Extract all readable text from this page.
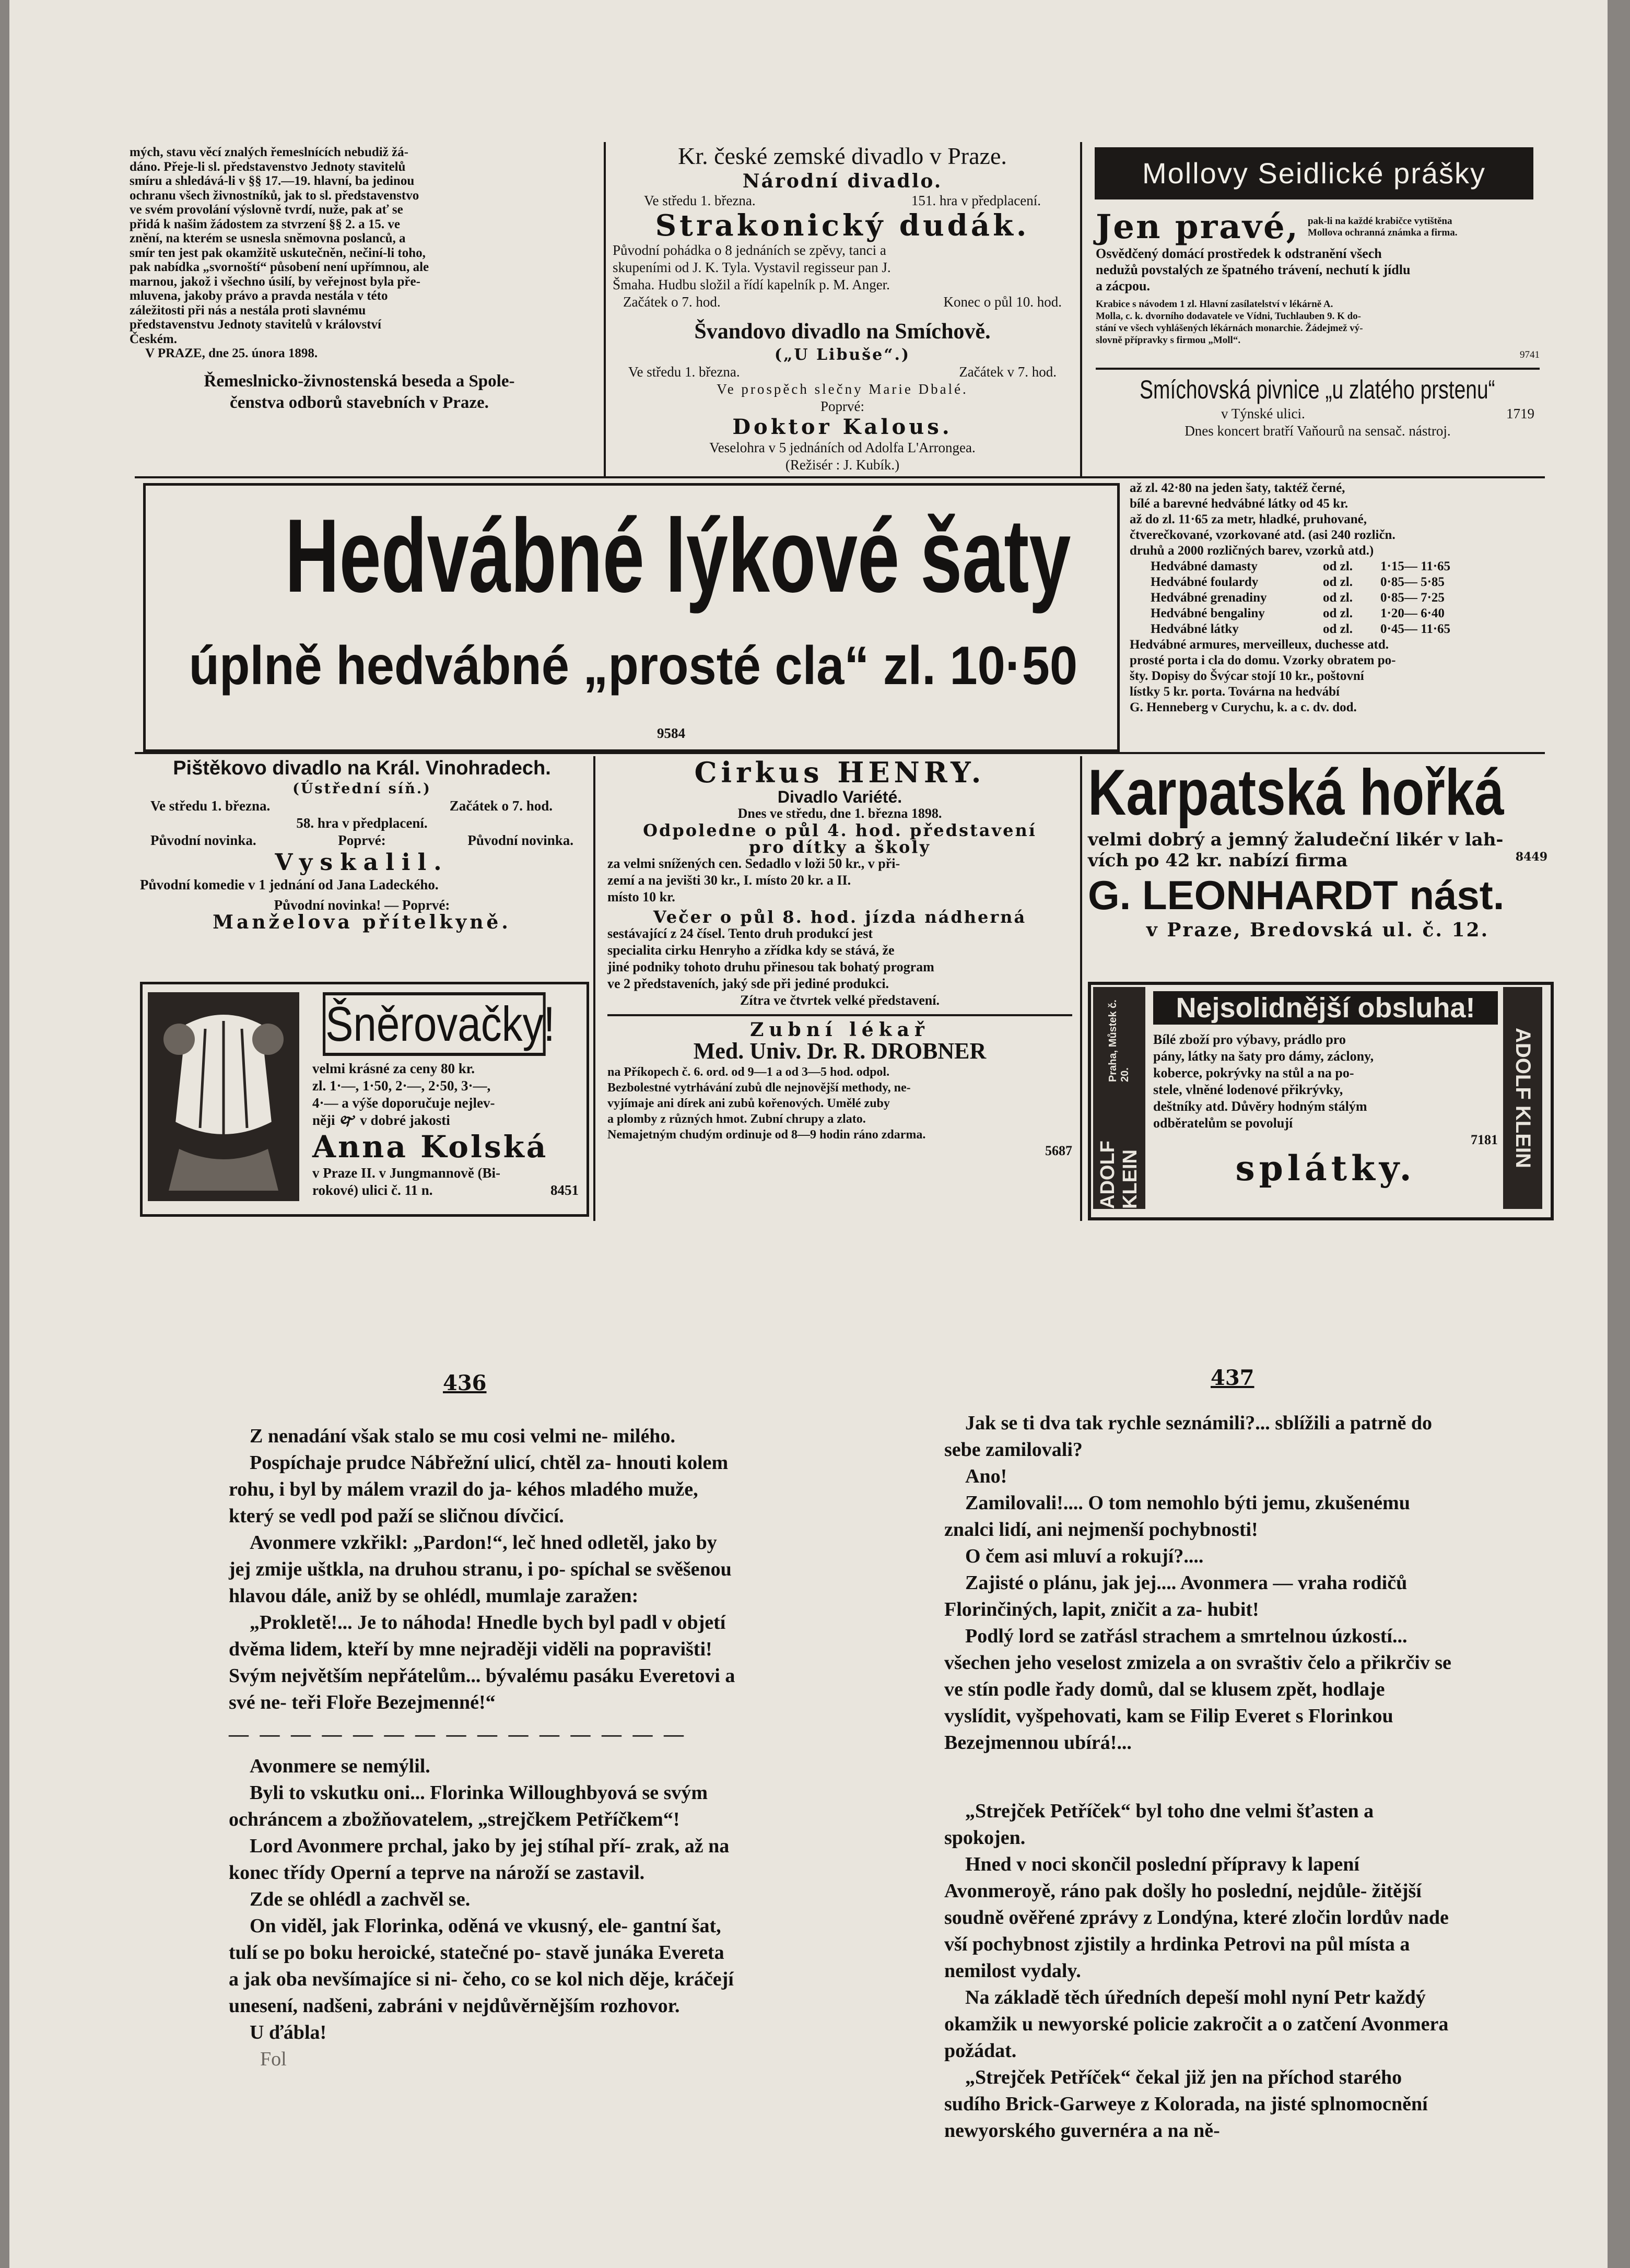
mých, stavu věcí znalých řemeslnících nebudiž žá-
dáno. Přeje-li sl. představenstvo Jednoty stavitelů
smíru a shledává-li v §§ 17.—19. hlavní, ba jedinou
ochranu všech živnostníků, jak to sl. představenstvo
ve svém provolání výslovně tvrdí, nuže, pak ať se
přidá k našim žádostem za stvrzení §§ 2. a 15. ve
znění, na kterém se usnesla sněmovna poslanců, a
smír ten jest pak okamžitě uskutečněn, nečiní-li toho,
pak nabídka „svornoští“ působení není upřímnou, ale
marnou, jakož i všechno úsilí, by veřejnost byla pře-
mluvena, jakoby právo a pravda nestála v této
záležitosti při nás a nestála proti slavnému
představenstvu Jednoty stavitelů v království
Českém.
V PRAZE, dne 25. února 1898.
Řemeslnicko-živnostenská beseda a Spole-
čenstva odborů stavebních v Praze.
Kr. české zemské divadlo v Praze.
Národní divadlo.
Ve středu 1. března.	151. hra v předplacení.
Strakonický dudák.
Původní pohádka o 8 jednáních se zpěvy, tanci a
skupeními od J. K. Tyla. Vystavil regisseur pan J.
Šmaha. Hudbu složil a řídí kapelník p. M. Anger.
Začátek o 7. hod.	Konec o půl 10. hod.
Švandovo divadlo na Smíchově.
(„U Libuše“.)
Ve středu 1. března.	Začátek v 7. hod.
Ve prospěch slečny Marie Dbalé.
Poprvé:
Doktor Kalous.
Veselohra v 5 jednáních od Adolfa L'Arrongea.
(Režisér : J. Kubík.)
Mollovy Seidlické prášky
Jen pravé, pak-li na každé krabičce vytištěna
Mollova ochranná známka a firma.
Osvědčený domácí prostředek k odstranění všech
nedužů povstalých ze špatného trávení, nechutí k jídlu
a zácpou.
Krabice s návodem 1 zl. Hlavní zasílatelství v lékárně A.
Molla, c. k. dvorního dodavatele ve Vídni, Tuchlauben 9. K do-
stání ve všech vyhlášených lékárnách monarchie. Žádejmež vý-
slovně přípravky s firmou „Moll“.
9741
Smíchovská pivnice „u zlatého prstenu“
v Týnské ulici.	1719
Dnes koncert bratří Vaňourů na sensač. nástroj.
Hedvábné lýkové šaty
úplně hedvábné „prosté cla“ zl. 10·50
9584
až zl. 42·80 na jeden šaty, taktéž černé,
bílé a barevné hedvábné látky od 45 kr.
až do zl. 11·65 za metr, hladké, pruhované,
čtverečkované, vzorkované atd. (asi 240 rozličn.
druhů a 2000 rozličných barev, vzorků atd.)
Hedvábné damasty	od zl.	1·15— 11·65
Hedvábné foulardy	od zl.	0·85— 5·85
Hedvábné grenadiny	od zl.	0·85— 7·25
Hedvábné bengaliny	od zl.	1·20— 6·40
Hedvábné látky	od zl.	0·45— 11·65
Hedvábné armures, merveilleux, duchesse atd.
prosté porta i cla do domu. Vzorky obratem po-
šty. Dopisy do Švýcar stojí 10 kr., poštovní
lístky 5 kr. porta. Továrna na hedvábí
G. Henneberg v Curychu, k. a c. dv. dod.
Pištěkovo divadlo na Král. Vinohradech.
(Ústřední síň.)
Ve středu 1. března.	Začátek o 7. hod.
58. hra v předplacení.
Původní novinka.	Poprvé:	Původní novinka.
Vyskalil.
Původní komedie v 1 jednání od Jana Ladeckého.
Původní novinka! — Poprvé:
Manželova přítelkyně.
Šněrovačky!
velmi krásné za ceny 80 kr.
zl. 1·—, 1·50, 2·—, 2·50, 3·—,
4·— a výše doporučuje nejlev-
něji 🙰 v dobré jakosti
Anna Kolská
v Praze II. v Jungmannově (Bi-
rokové) ulici č. 11 n.	8451
Cirkus HENRY.
Divadlo Variété.
Dnes ve středu, dne 1. března 1898.
Odpoledne o půl 4. hod. představení
pro dítky a školy
za velmi snížených cen. Sedadlo v loži 50 kr., v při-
zemí a na jevišti 30 kr., I. místo 20 kr. a II.
místo 10 kr.
Večer o půl 8. hod. jízda nádherná
sestávající z 24 čísel. Tento druh produkcí jest
specialita cirku Henryho a zřídka kdy se stává, že
jiné podniky tohoto druhu přinesou tak bohatý program
ve 2 představeních, jaký sde při jediné produkci.
Zítra ve čtvrtek velké představení.
Zubní lékař
Med. Univ. Dr. R. DROBNER
na Příkopech č. 6. ord. od 9—1 a od 3—5 hod. odpol.
Bezbolestné vytrhávání zubů dle nejnovější methody, ne-
vyjímaje ani dírek ani zubů kořenových. Umělé zuby
a plomby z různých hmot. Zubní chrupy a zlato.
Nemajetným chudým ordinuje od 8—9 hodin ráno zdarma.
5687
Karpatská hořká
velmi dobrý a jemný žaludeční likér v lah-
vích po 42 kr. nabízí firma	8449
G. LEONHARDT nást.
v Praze, Bredovská ul. č. 12.
ADOLF KLEIN
Praha, Můstek č. 20.	ADOLF KLEIN
Nejsolidnější obsluha!
Bílé zboží pro výbavy, prádlo pro
pány, látky na šaty pro dámy, záclony,
koberce, pokrývky na stůl a na po-
stele, vlněné lodenové přikrývky,
deštníky atd. Důvěry hodným stálým
odběratelům se povolují
7181
splátky.
436	437

Z nenadání však stalo se mu cosi velmi ne- milého.

Pospíchaje prudce Nábřežní ulicí, chtěl za- hnouti kolem rohu, i byl by málem vrazil do ja- kéhos mladého muže, který se vedl pod paží se sličnou dívčicí.

Avonmere vzkřikl: „Pardon!“, leč hned odletěl, jako by jej zmije uštkla, na druhou stranu, i po- spíchal se svěšenou hlavou dále, aniž by se ohlédl, mumlaje zaražen:

„Prokletě!... Je to náhoda! Hnedle bych byl padl v objetí dvěma lidem, kteří by mne nejraději viděli na popravišti! Svým největším nepřátelům... bývalému pasáku Everetovi a své ne- teři Floře Bezejmenné!“

— — — — — — — — — — — — — — —

Avonmere se nemýlil.

Byli to vskutku oni... Florinka Willoughbyová se svým ochráncem a zbožňovatelem, „strejčkem Petříčkem“!

Lord Avonmere prchal, jako by jej stíhal pří- zrak, až na konec třídy Operní a teprve na nároží se zastavil.

Zde se ohlédl a zachvěl se.

On viděl, jak Florinka, oděná ve vkusný, ele- gantní šat, tulí se po boku heroické, statečné po- stavě junáka Evereta a jak oba nevšímajíce si ni- čeho, co se kol nich děje, kráčejí unesení, nadšeni, zabráni v nejdůvěrnějším rozhovor.

U ďábla!

Fol

Jak se ti dva tak rychle seznámili?... sblížili a patrně do sebe zamilovali?

Ano!

Zamilovali!.... O tom nemohlo býti jemu, zkušenému znalci lidí, ani nejmenší pochybnosti!

O čem asi mluví a rokují?....

Zajisté o plánu, jak jej.... Avonmera — vraha rodičů Florinčiných, lapit, zničit a za- hubit!

Podlý lord se zatřásl strachem a smrtelnou úzkostí... všechen jeho veselost zmizela a on svraštiv čelo a přikrčiv se ve stín podle řady domů, dal se klusem zpět, hodlaje vyslídit, vyšpehovati, kam se Filip Everet s Florinkou Bezejmennou ubírá!...

„Strejček Petříček“ byl toho dne velmi šťasten a spokojen.

Hned v noci skončil poslední přípravy k lapení Avonmeroyě, ráno pak došly ho poslední, nejdůle- žitější soudně ověřené zprávy z Londýna, které zločin lordův nade vší pochybnost zjistily a hrdinka Petrovi na půl místa a nemilost vydaly.

Na základě těch úředních depeší mohl nyní Petr každý okamžik u newyorské policie zakročit a o zatčení Avonmera požádat.

„Strejček Petříček“ čekal již jen na příchod starého sudího Brick-Garweye z Kolorada, na jisté splnomocnění newyorského guvernéra a na ně-
